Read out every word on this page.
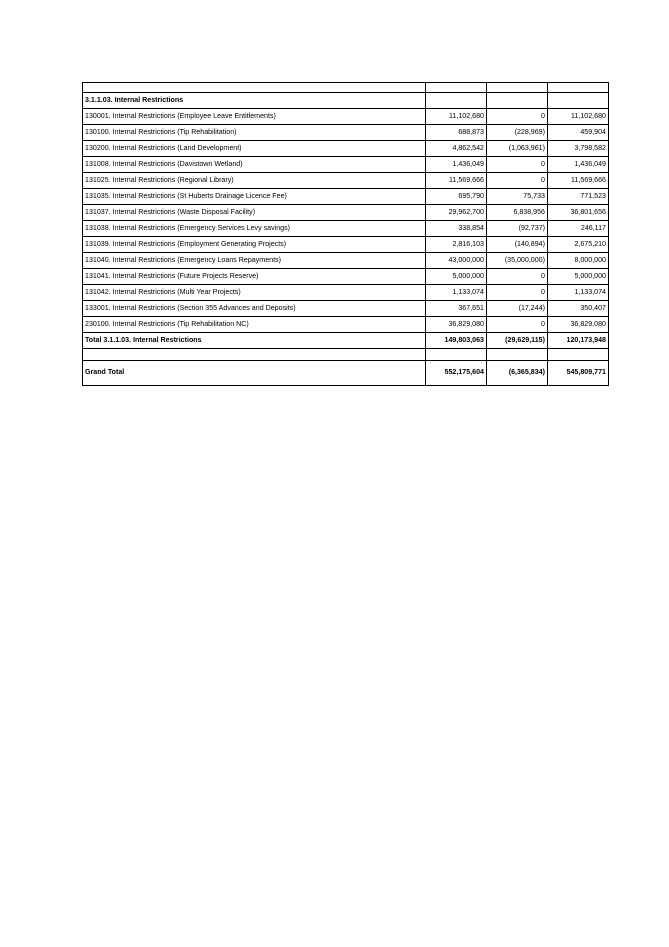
3.1.1.03. Internal Restrictions			
130001. Internal Restrictions (Employee Leave Entitlements)	11,102,680	0	11,102,680
130100. Internal Restrictions (Tip Rehabilitation)	688,873	(228,969)	459,904
130200. Internal Restrictions (Land Development)	4,862,542	(1,063,961)	3,798,582
131008. Internal Restrictions (Davistown Wetland)	1,436,049	0	1,436,049
131025. Internal Restrictions (Regional Library)	11,569,666	0	11,569,666
131035. Internal Restrictions (St Huberts Drainage Licence Fee)	695,790	75,733	771,523
131037. Internal Restrictions (Waste Disposal Facility)	29,962,700	6,838,956	36,801,656
131038. Internal Restrictions (Emergency Services Levy savings)	338,854	(92,737)	246,117
131039. Internal Restrictions (Employment Generating Projects)	2,816,103	(140,894)	2,675,210
131040. Internal Restrictions (Emergency Loans Repayments)	43,000,000	(35,000,000)	8,000,000
131041. Internal Restrictions (Future Projects Reserve)	5,000,000	0	5,000,000
131042. Internal Restrictions (Multi Year Projects)	1,133,074	0	1,133,074
133001. Internal Restrictions (Section 355 Advances and Deposits)	367,651	(17,244)	350,407
230100. Internal Restrictions (Tip Rehabilitation NC)	36,829,080	0	36,829,080
Total 3.1.1.03. Internal Restrictions	149,803,063	(29,629,115)	120,173,948

Grand Total	552,175,604	(6,365,834)	545,809,771
